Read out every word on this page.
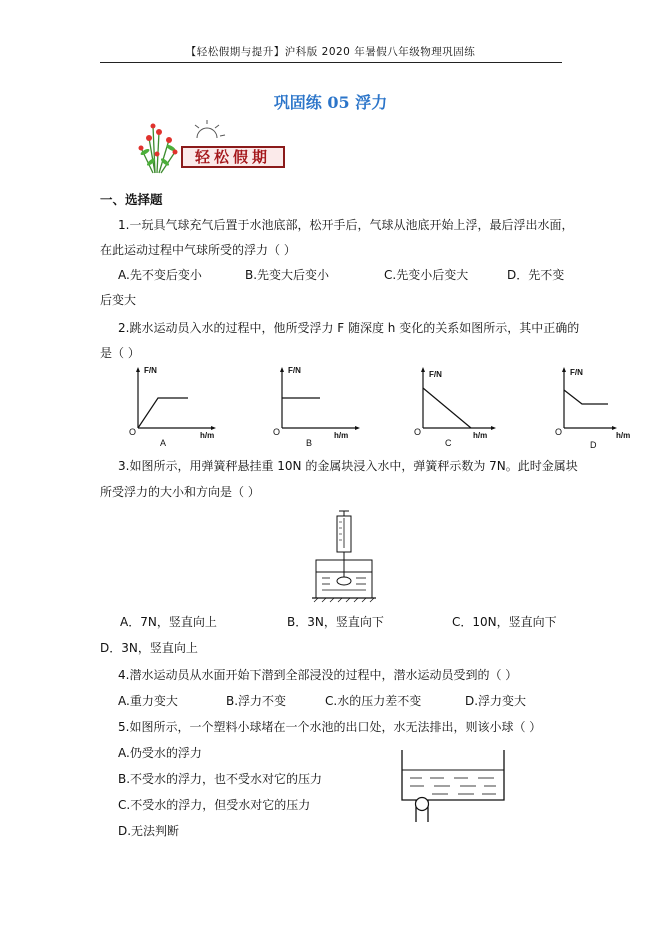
【轻松假期与提升】沪科版 2020 年暑假八年级物理巩固练
巩固练 05 浮力
轻松假期
一、选择题
1.一玩具气球充气后置于水池底部，松开手后，气球从池底开始上浮，最后浮出水面，
在此运动过程中气球所受的浮力（ ）
A.先不变后变小	B.先变大后变小	C.先变小后变大	D．先不变
后变大
2.跳水运动员入水的过程中，他所受浮力 F 随深度 h 变化的关系如图所示，其中正确的
是（ ）
F/N
h/m
O
A
F/N
h/m
O
B
F/N
h/m
O
C
F/N
h/m
O
D
3.如图所示，用弹簧秤悬挂重 10N 的金属块浸入水中，弹簧秤示数为 7N。此时金属块
所受浮力的大小和方向是（ ）
A．7N，竖直向上	B．3N，竖直向下	C．10N，竖直向下
D．3N，竖直向上
4.潜水运动员从水面开始下潜到全部浸没的过程中，潜水运动员受到的（ ）
A.重力变大	B.浮力不变	C.水的压力差不变	D.浮力变大
5.如图所示，一个塑料小球堵在一个水池的出口处，水无法排出，则该小球（ ）
A.仍受水的浮力
B.不受水的浮力，也不受水对它的压力
C.不受水的浮力，但受水对它的压力
D.无法判断
